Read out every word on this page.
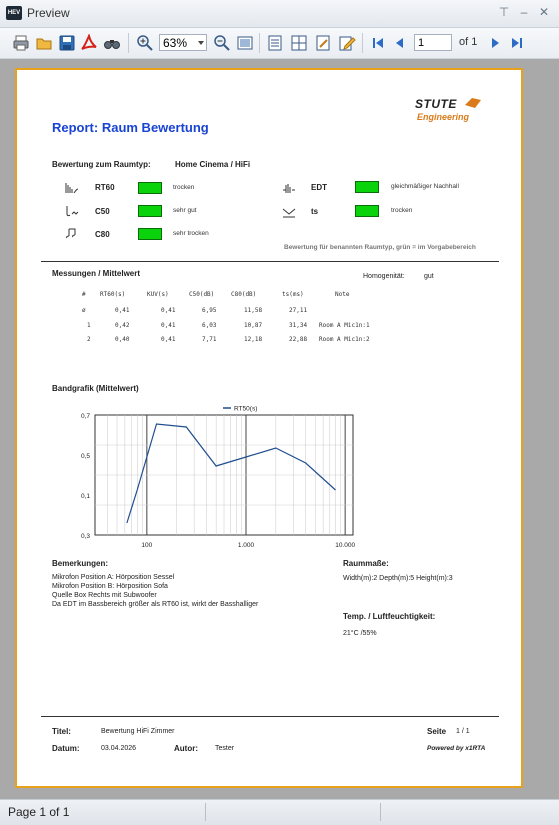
HEV Preview	⊤ – ✕
63%	1	of 1
Report: Raum Bewertung
STUTE
Engineering
Bewertung zum Raumtyp:	Home Cinema / HiFi
RT60	trocken
C50	sehr gut
C80	sehr trocken
EDT	gleichmäßiger Nachhall
ts	trocken
Bewertung für benannten Raumtyp, grün = im Vorgabebereich
Messungen / Mittelwert	Homogenität:	gut
# RT60(s)	KUV(s)	C50(dB)	C80(dB)	ts(ms)	Note
ø	0,41	0,41	6,95	11,58	27,11
1	0,42	0,41	6,03	10,87	31,34 Room A Mic1n:1
2	0,40	0,41	7,71	12,18	22,88 Room A Mic1n:2
Bandgrafik (Mittelwert)
100	1.000	10.000
0,7
0,5
0,1
0,3
RT50(s)
Bemerkungen:
Mikrofon Position A: Hörposition Sessel
Mikrofon Position B: Hörposition Sofa
Quelle Box Rechts mit Subwoofer
Da EDT im Bassbereich größer als RT60 ist, wirkt der Basshalliger
Raummaße:
Width(m):2 Depth(m):5 Height(m):3
Temp. / Luftfeuchtigkeit:
21°C /55%
Titel:	Bewertung HiFi Zimmer	Seite 1 / 1
Datum:	03.04.2026	Autor: Tester	Powered by x1RTA
Page 1 of 1
